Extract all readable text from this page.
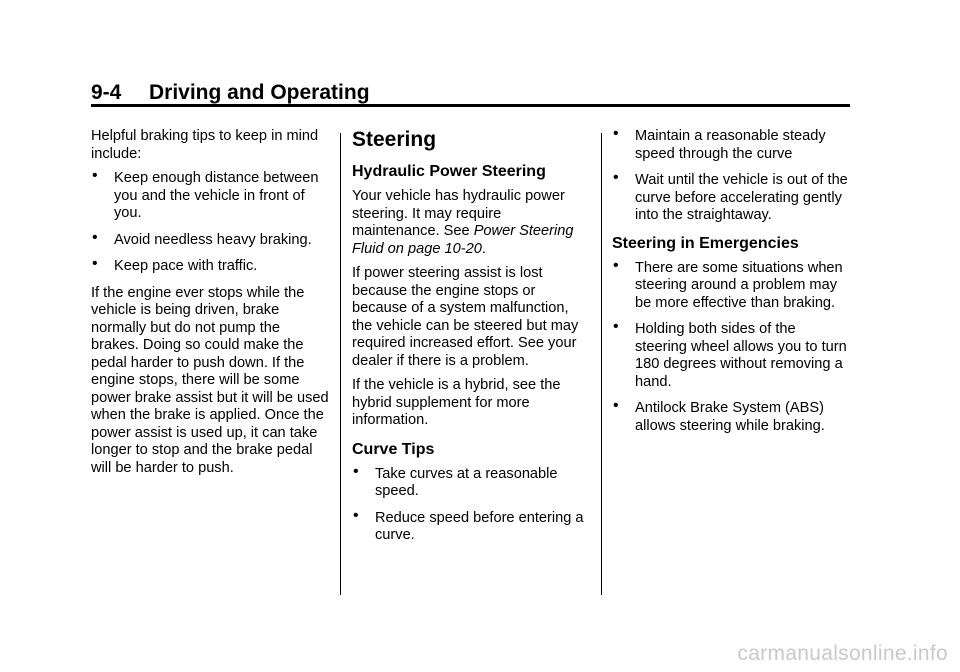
9-4 Driving and Operating

Helpful braking tips to keep in mind include:

• Keep enough distance between you and the vehicle in front of you.
• Avoid needless heavy braking.
• Keep pace with traffic.

If the engine ever stops while the vehicle is being driven, brake normally but do not pump the brakes. Doing so could make the pedal harder to push down. If the engine stops, there will be some power brake assist but it will be used when the brake is applied. Once the power assist is used up, it can take longer to stop and the brake pedal will be harder to push.

Steering
Hydraulic Power Steering

Your vehicle has hydraulic power steering. It may require maintenance. See Power Steering Fluid on page 10-20.

If power steering assist is lost because the engine stops or because of a system malfunction, the vehicle can be steered but may required increased effort. See your dealer if there is a problem.

If the vehicle is a hybrid, see the hybrid supplement for more information.

Curve Tips
• Take curves at a reasonable speed.
• Reduce speed before entering a curve.
• Maintain a reasonable steady speed through the curve
• Wait until the vehicle is out of the curve before accelerating gently into the straightaway.
Steering in Emergencies
• There are some situations when steering around a problem may be more effective than braking.
• Holding both sides of the steering wheel allows you to turn 180 degrees without removing a hand.
• Antilock Brake System (ABS) allows steering while braking.
carmanualsonline.info
